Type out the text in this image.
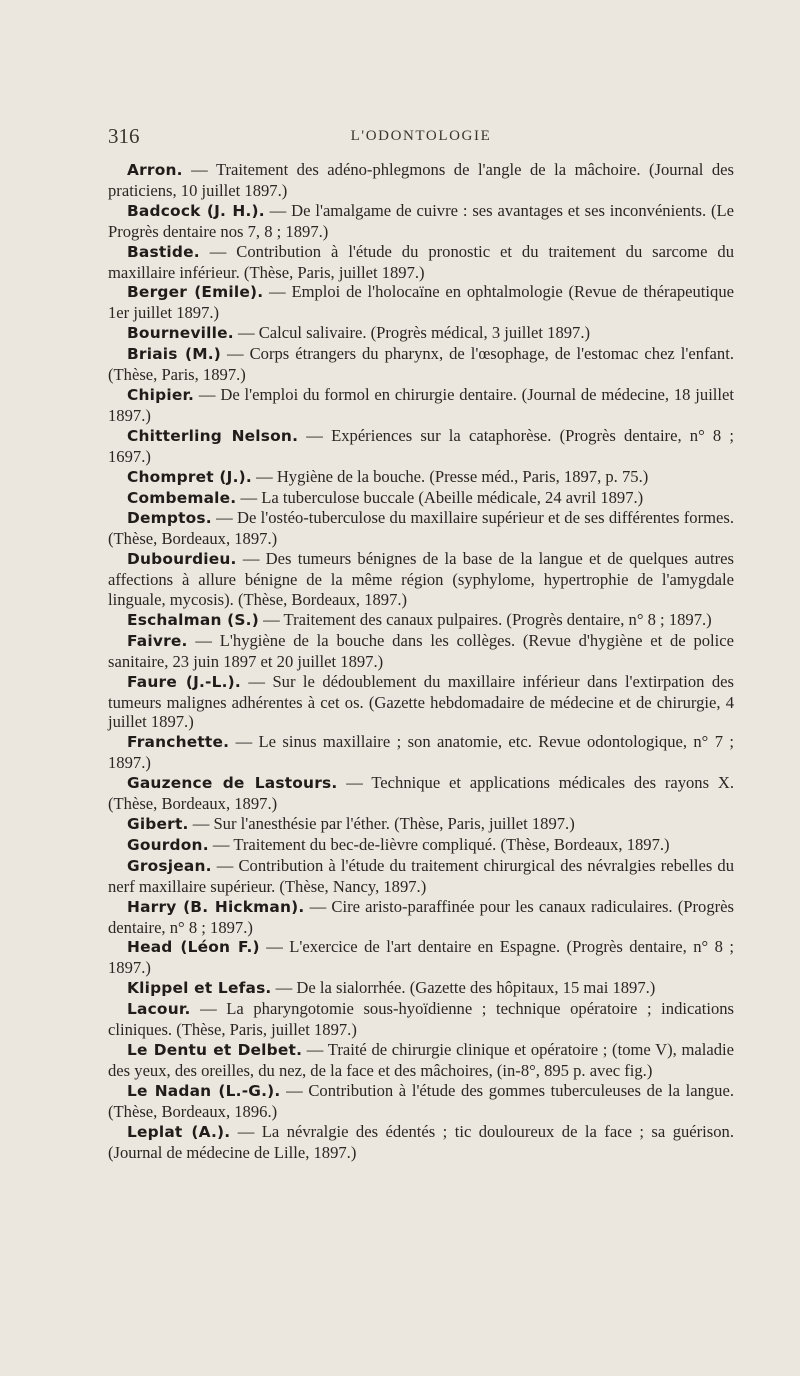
316	L'ODONTOLOGIE

Arron. — Traitement des adéno-phlegmons de l'angle de la mâchoire. (Journal des praticiens, 10 juillet 1897.)

Badcock (J. H.). — De l'amalgame de cuivre : ses avantages et ses inconvénients. (Le Progrès dentaire nos 7, 8 ; 1897.)

Bastide. — Contribution à l'étude du pronostic et du traitement du sarcome du maxillaire inférieur. (Thèse, Paris, juillet 1897.)

Berger (Emile). — Emploi de l'holocaïne en ophtalmologie (Revue de thérapeutique 1er juillet 1897.)

Bourneville. — Calcul salivaire. (Progrès médical, 3 juillet 1897.)

Briais (M.) — Corps étrangers du pharynx, de l'œsophage, de l'estomac chez l'enfant. (Thèse, Paris, 1897.)

Chipier. — De l'emploi du formol en chirurgie dentaire. (Journal de médecine, 18 juillet 1897.)

Chitterling Nelson. — Expériences sur la cataphorèse. (Progrès dentaire, n° 8 ; 1697.)

Chompret (J.). — Hygiène de la bouche. (Presse méd., Paris, 1897, p. 75.)

Combemale. — La tuberculose buccale (Abeille médicale, 24 avril 1897.)

Demptos. — De l'ostéo-tuberculose du maxillaire supérieur et de ses différentes formes. (Thèse, Bordeaux, 1897.)

Dubourdieu. — Des tumeurs bénignes de la base de la langue et de quelques autres affections à allure bénigne de la même région (syphylome, hypertrophie de l'amygdale linguale, mycosis). (Thèse, Bordeaux, 1897.)

Eschalman (S.) — Traitement des canaux pulpaires. (Progrès dentaire, n° 8 ; 1897.)

Faivre. — L'hygiène de la bouche dans les collèges. (Revue d'hygiène et de police sanitaire, 23 juin 1897 et 20 juillet 1897.)

Faure (J.-L.). — Sur le dédoublement du maxillaire inférieur dans l'extirpation des tumeurs malignes adhérentes à cet os. (Gazette hebdomadaire de médecine et de chirurgie, 4 juillet 1897.)

Franchette. — Le sinus maxillaire ; son anatomie, etc. Revue odontologique, n° 7 ; 1897.)

Gauzence de Lastours. — Technique et applications médicales des rayons X. (Thèse, Bordeaux, 1897.)

Gibert. — Sur l'anesthésie par l'éther. (Thèse, Paris, juillet 1897.)

Gourdon. — Traitement du bec-de-lièvre compliqué. (Thèse, Bordeaux, 1897.)

Grosjean. — Contribution à l'étude du traitement chirurgical des névralgies rebelles du nerf maxillaire supérieur. (Thèse, Nancy, 1897.)

Harry (B. Hickman). — Cire aristo-paraffinée pour les canaux radiculaires. (Progrès dentaire, n° 8 ; 1897.)

Head (Léon F.) — L'exercice de l'art dentaire en Espagne. (Progrès dentaire, n° 8 ; 1897.)

Klippel et Lefas. — De la sialorrhée. (Gazette des hôpitaux, 15 mai 1897.)

Lacour. — La pharyngotomie sous-hyoïdienne ; technique opératoire ; indications cliniques. (Thèse, Paris, juillet 1897.)

Le Dentu et Delbet. — Traité de chirurgie clinique et opératoire ; (tome V), maladie des yeux, des oreilles, du nez, de la face et des mâchoires, (in-8°, 895 p. avec fig.)

Le Nadan (L.-G.). — Contribution à l'étude des gommes tuberculeuses de la langue. (Thèse, Bordeaux, 1896.)

Leplat (A.). — La névralgie des édentés ; tic douloureux de la face ; sa guérison. (Journal de médecine de Lille, 1897.)
